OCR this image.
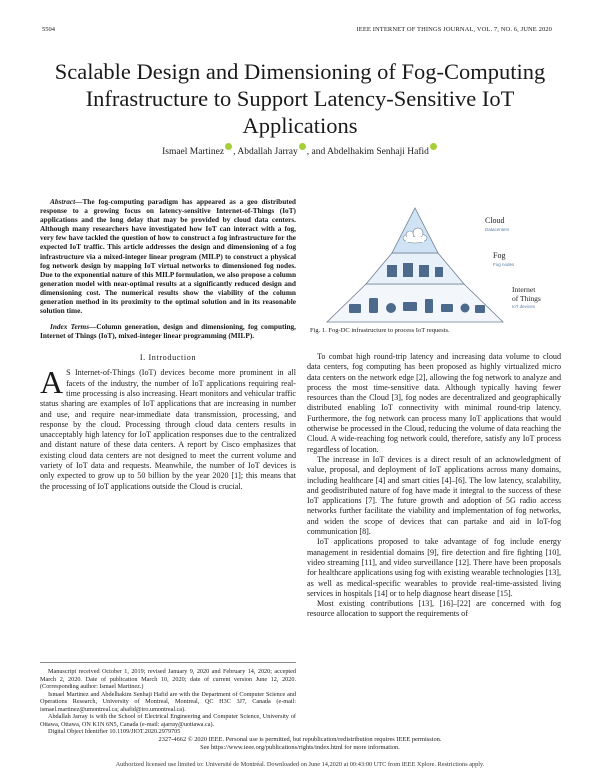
5504	IEEE INTERNET OF THINGS JOURNAL, VOL. 7, NO. 6, JUNE 2020
Scalable Design and Dimensioning of Fog-Computing Infrastructure to Support Latency-Sensitive IoT Applications
Ismael Martinez , Abdallah Jarray , and Abdelhakim Senhaji Hafid

Abstract—The fog-computing paradigm has appeared as a geo distributed response to a growing focus on latency-sensitive Internet-of-Things (IoT) applications and the long delay that may be provided by cloud data centers. Although many researchers have investigated how IoT can interact with a fog, very few have tackled the question of how to construct a fog infrastructure for the expected IoT traffic. This article addresses the design and dimensioning of a fog infrastructure via a mixed-integer linear program (MILP) to construct a physical fog network design by mapping IoT virtual networks to dimensioned fog nodes. Due to the exponential nature of this MILP formulation, we also propose a column generation model with near-optimal results at a significantly reduced design and dimensioning cost. The numerical results show the viability of the column generation method in its proximity to the optimal solution and in its reasonable solution time.

Index Terms—Column generation, design and dimensioning, fog computing, Internet of Things (IoT), mixed-integer linear programming (MILP).

I. Introduction

A S Internet-of-Things (IoT) devices become more prominent in all facets of the industry, the number of IoT applications requiring real-time processing is also increasing. Heart monitors and vehicular traffic status sharing are examples of IoT applications that are increasing in number and use, and require near-immediate data transmission, processing, and response by the cloud. Processing through cloud data centers results in unacceptably high latency for IoT application responses due to the centralized and distant nature of these data centers. A report by Cisco emphasizes that existing cloud data centers are not designed to meet the current volume and variety of IoT data and requests. Meanwhile, the number of IoT devices is only expected to grow up to 50 billion by the year 2020 [1]; this means that the processing of IoT applications outside the Cloud is crucial.

Manuscript received October 1, 2019; revised January 9, 2020 and February 14, 2020; accepted March 2, 2020. Date of publication March 10, 2020; date of current version June 12, 2020. (Corresponding author: Ismael Martinez.)

Ismael Martinez and Abdelhakim Senhaji Hafid are with the Department of Computer Science and Operations Research, University of Montreal, Montreal, QC H3C 3J7, Canada (e-mail: ismael.martinez@umontreal.ca; ahafid@iro.umontreal.ca).

Abdallah Jarray is with the School of Electrical Engineering and Computer Science, University of Ottawa, Ottawa, ON K1N 6N5, Canada (e-mail: ajarray@uottawa.ca).

Digital Object Identifier 10.1109/JIOT.2020.2979705

Cloud
Datacenters
Fog
Fog nodes
Internet
of Things
IoT devices
Fig. 1. Fog-DC infrastructure to process IoT requests.

To combat high round-trip latency and increasing data volume to cloud data centers, fog computing has been proposed as highly virtualized micro data centers on the network edge [2], allowing the fog network to analyze and process the most time-sensitive data. Although typically having fewer resources than the Cloud [3], fog nodes are decentralized and geographically distributed enabling IoT connectivity with minimal round-trip latency. Furthermore, the fog network can process many IoT applications that would otherwise be processed in the Cloud, reducing the volume of data reaching the Cloud. A wide-reaching fog network could, therefore, satisfy any IoT process regardless of location.

The increase in IoT devices is a direct result of an acknowledgment of value, proposal, and deployment of IoT applications across many domains, including healthcare [4] and smart cities [4]–[6]. The low latency, scalability, and geodistributed nature of fog have made it integral to the success of these IoT applications [7]. The future growth and adoption of 5G radio access networks further facilitate the viability and implementation of fog networks, and widen the scope of devices that can partake and aid in IoT-fog communication [8].

IoT applications proposed to take advantage of fog include energy management in residential domains [9], fire detection and fire fighting [10], video streaming [11], and video surveillance [12]. There have been proposals for healthcare applications using fog with existing wearable technologies [13], as well as medical-specific wearables to provide real-time-assisted living services in hospitals [14] or to help diagnose heart disease [15].

Most existing contributions [13], [16]–[22] are concerned with fog resource allocation to support the requirements of

2327-4662 © 2020 IEEE. Personal use is permitted, but republication/redistribution requires IEEE permission.
See https://www.ieee.org/publications/rights/index.html for more information.
Authorized licensed use limited to: Université de Montréal. Downloaded on June 14,2020 at 00:43:00 UTC from IEEE Xplore. Restrictions apply.
